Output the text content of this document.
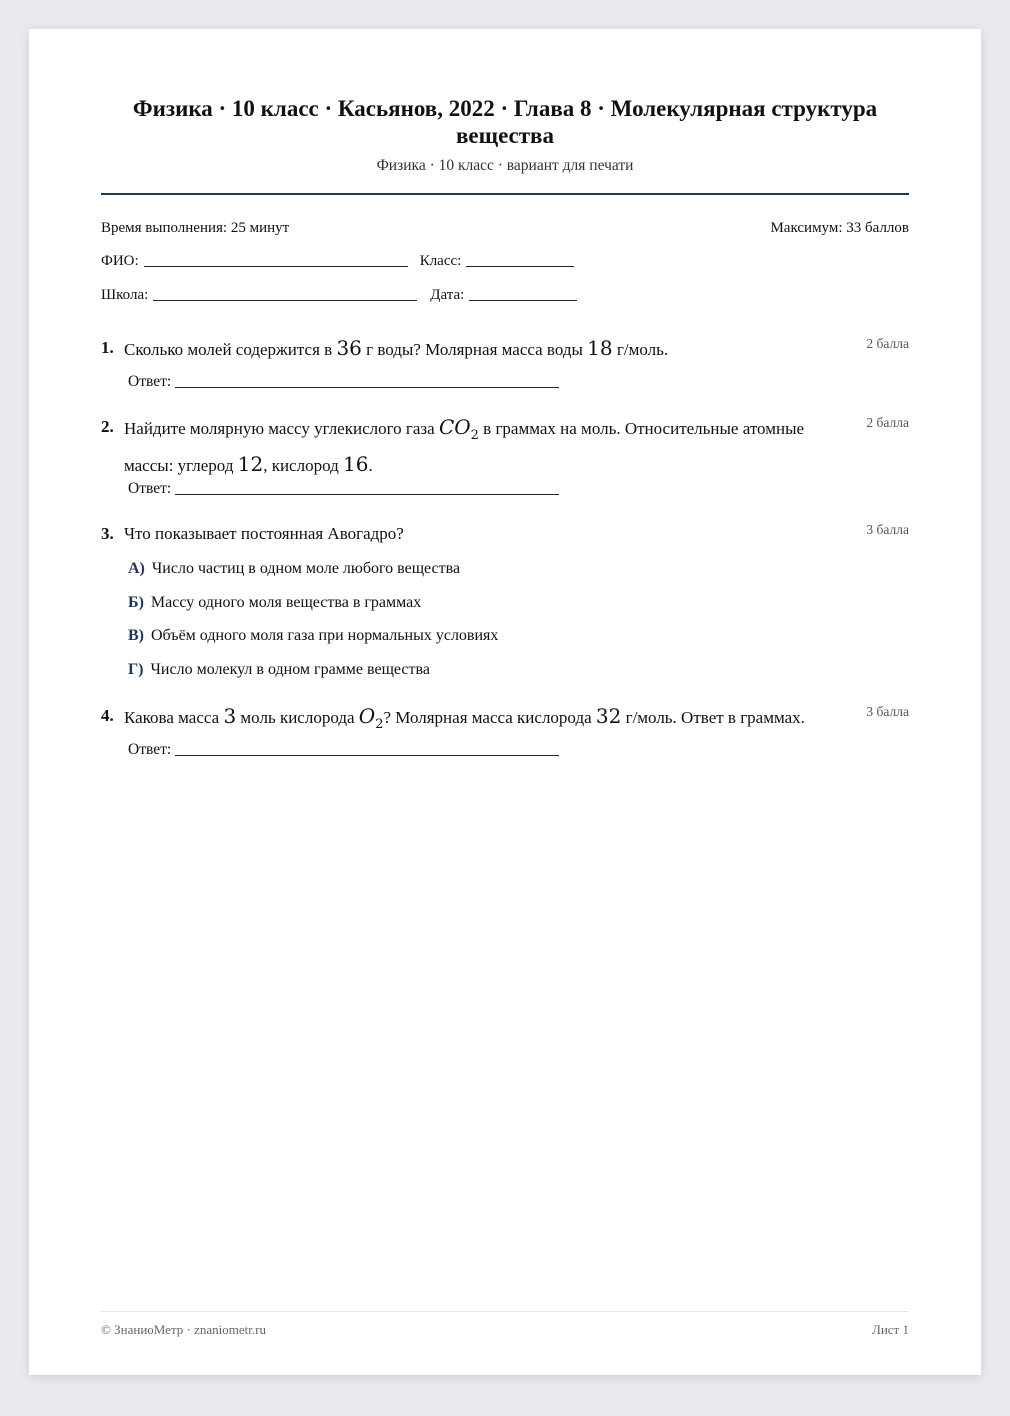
Физика · 10 класс · Касьянов, 2022 · Глава 8 · Молекулярная структура вещества
Физика · 10 класс · вариант для печати
Время выполнения: 25 минут	Максимум: 33 баллов
ФИО:	Класс:
Школа:	Дата:
1. Сколько молей содержится в 36 г воды? Молярная масса воды 18 г/моль.	2 балла
Ответ:
2. Найдите молярную массу углекислого газа $CO_2$ в граммах на моль. Относительные атомные массы: углерод 12, кислород 16.
2 балла
Ответ:
3. Что показывает постоянная Авогадро?	3 балла
А) Число частиц в одном моле любого вещества
Б) Массу одного моля вещества в граммах
В) Объём одного моля газа при нормальных условиях
Г) Число молекул в одном грамме вещества
4. Какова масса 3 моль кислорода $O_2$? Молярная масса кислорода 32 г/моль. Ответ в граммах.	3 балла
Ответ:
© ЗнаниоМетр · znaniometr.ru	Лист 1
